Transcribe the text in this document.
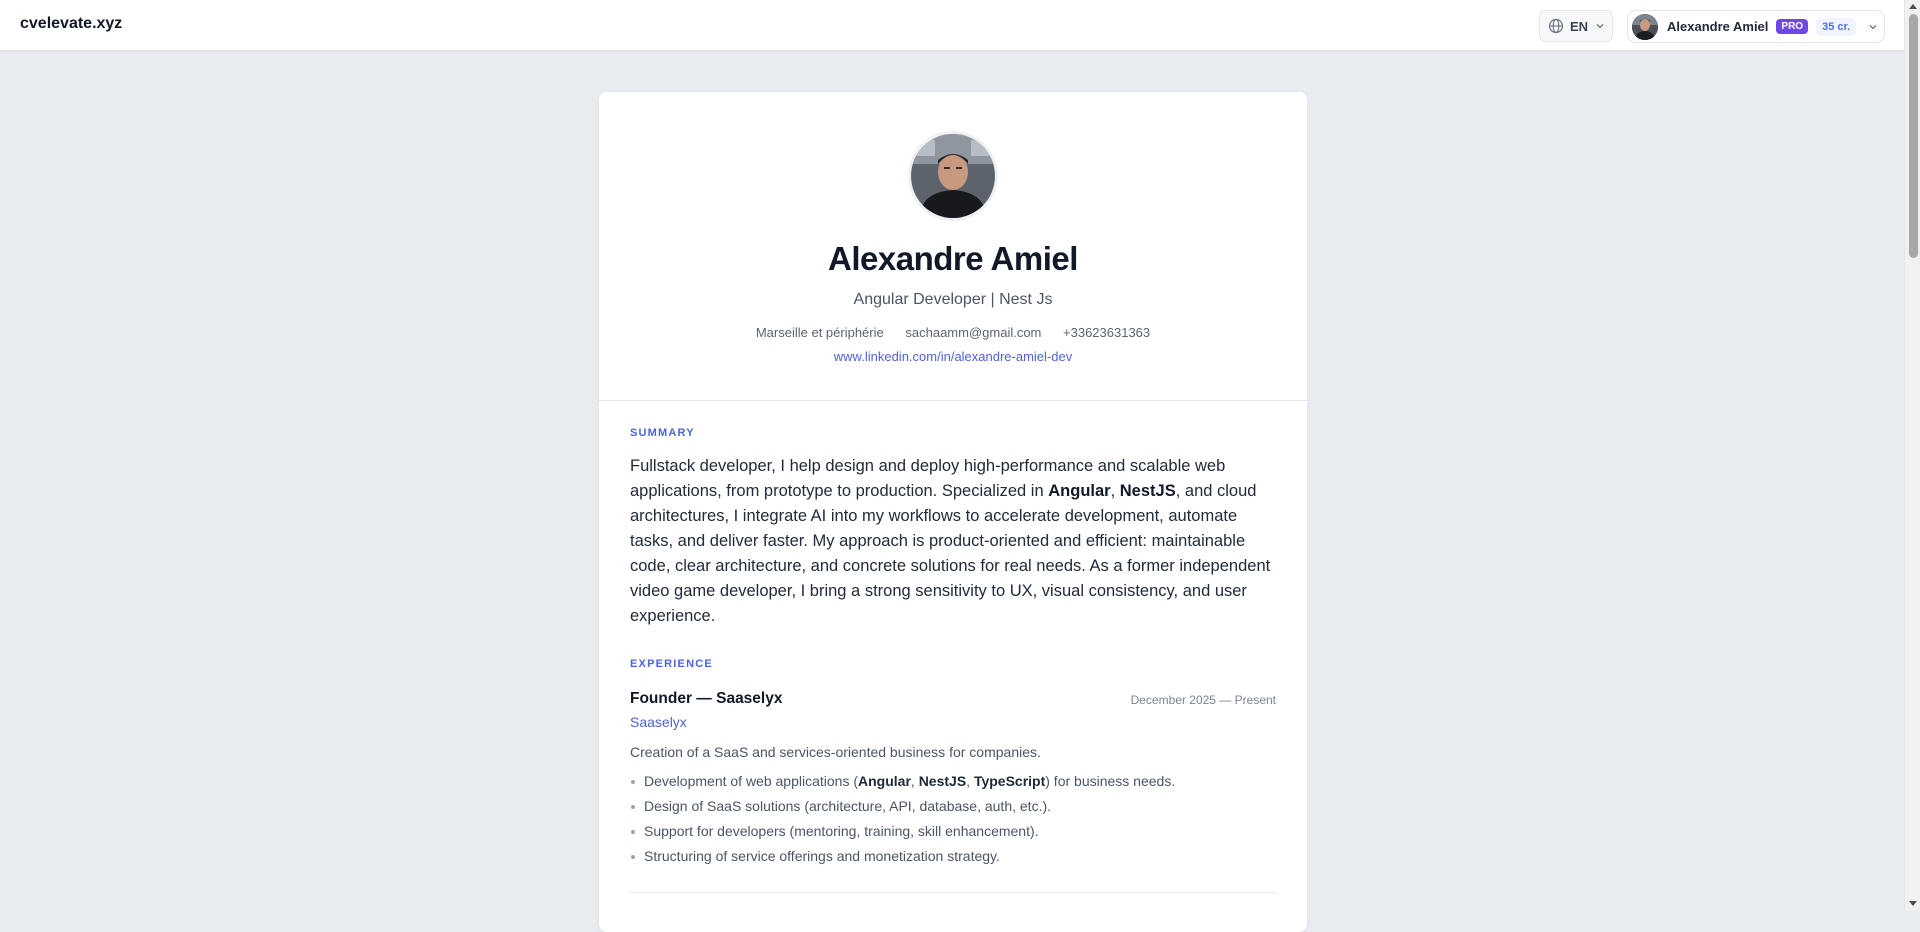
cvelevate.xyz	EN	Alexandre Amiel	PRO	35 cr.
Alexandre Amiel
Angular Developer | Nest Js
Marseille et périphérie sachaamm@gmail.com +33623631363
www.linkedin.com/in/alexandre-amiel-dev
SUMMARY
Fullstack developer, I help design and deploy high-performance and scalable web applications, from prototype to production. Specialized in Angular, NestJS, and cloud architectures, I integrate AI into my workflows to accelerate development, automate tasks, and deliver faster. My approach is product-oriented and efficient: maintainable code, clear architecture, and concrete solutions for real needs. As a former independent video game developer, I bring a strong sensitivity to UX, visual consistency, and user experience.
EXPERIENCE
Founder — Saaselyx	December 2025 — Present
Saaselyx
Creation of a SaaS and services-oriented business for companies.
Development of web applications (Angular, NestJS, TypeScript) for business needs.
Design of SaaS solutions (architecture, API, database, auth, etc.).
Support for developers (mentoring, training, skill enhancement).
Structuring of service offerings and monetization strategy.
